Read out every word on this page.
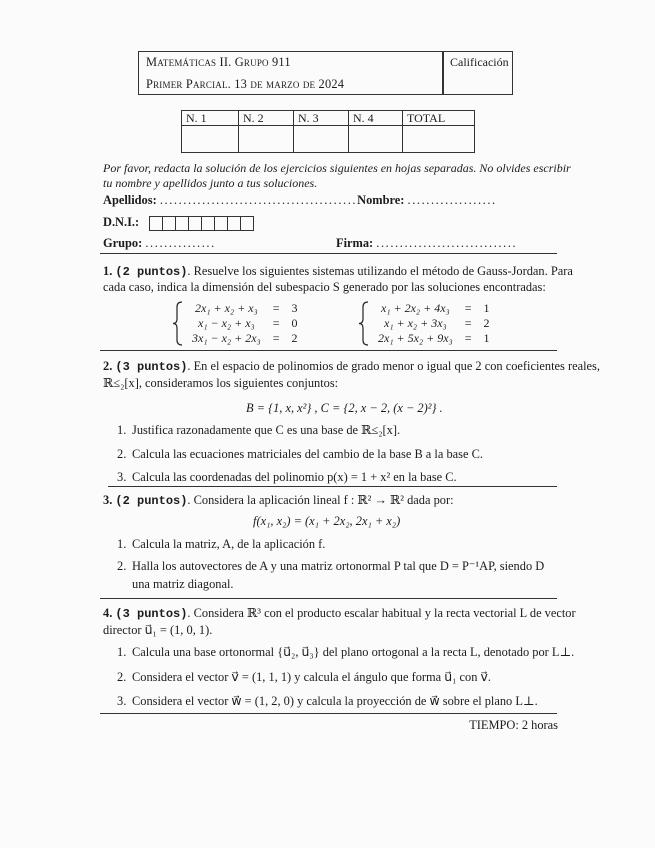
Matemáticas II. Grupo 911
Primer Parcial. 13 de marzo de 2024
Calificación
N. 1	N. 2	N. 3	N. 4	TOTAL

Por favor, redacta la solución de los ejercicios siguientes en hojas separadas. No olvides escribir
tu nombre y apellidos junto a tus soluciones.
Apellidos: ..........................................Nombre: ...................
D.N.I.:
Grupo: ...............	Firma: ..............................
1. (2 puntos). Resuelve los siguientes sistemas utilizando el método de Gauss-Jordan. Para
cada caso, indica la dimensión del subespacio S generado por las soluciones encontradas:
2x₁ + x₂ + x₃	=	3
x₁ − x₂ + x₃	=	0
3x₁ − x₂ + 2x₃	=	2
x₁ + 2x₂ + 4x₃	=	1
x₁ + x₂ + 3x₃	=	2
2x₁ + 5x₂ + 9x₃	=	1
2. (3 puntos). En el espacio de polinomios de grado menor o igual que 2 con coeficientes reales,
ℝ≤₂[x], consideramos los siguientes conjuntos:
B = {1, x, x²} , C = {2, x − 2, (x − 2)²} .
1. Justifica razonadamente que C es una base de ℝ≤₂[x].
2. Calcula las ecuaciones matriciales del cambio de la base B a la base C.
3. Calcula las coordenadas del polinomio p(x) = 1 + x² en la base C.
3. (2 puntos). Considera la aplicación lineal f : ℝ² → ℝ² dada por:
f(x₁, x₂) = (x₁ + 2x₂, 2x₁ + x₂)
1. Calcula la matriz, A, de la aplicación f.
2. Halla los autovectores de A y una matriz ortonormal P tal que D = P⁻¹AP, siendo D
una matriz diagonal.
4. (3 puntos). Considera ℝ³ con el producto escalar habitual y la recta vectorial L de vector
director u⃗₁ = (1, 0, 1).
1. Calcula una base ortonormal {u⃗₂, u⃗₃} del plano ortogonal a la recta L, denotado por L⊥.
2. Considera el vector v⃗ = (1, 1, 1) y calcula el ángulo que forma u⃗₁ con v⃗.
3. Considera el vector w⃗ = (1, 2, 0) y calcula la proyección de w⃗ sobre el plano L⊥.
TIEMPO: 2 horas
